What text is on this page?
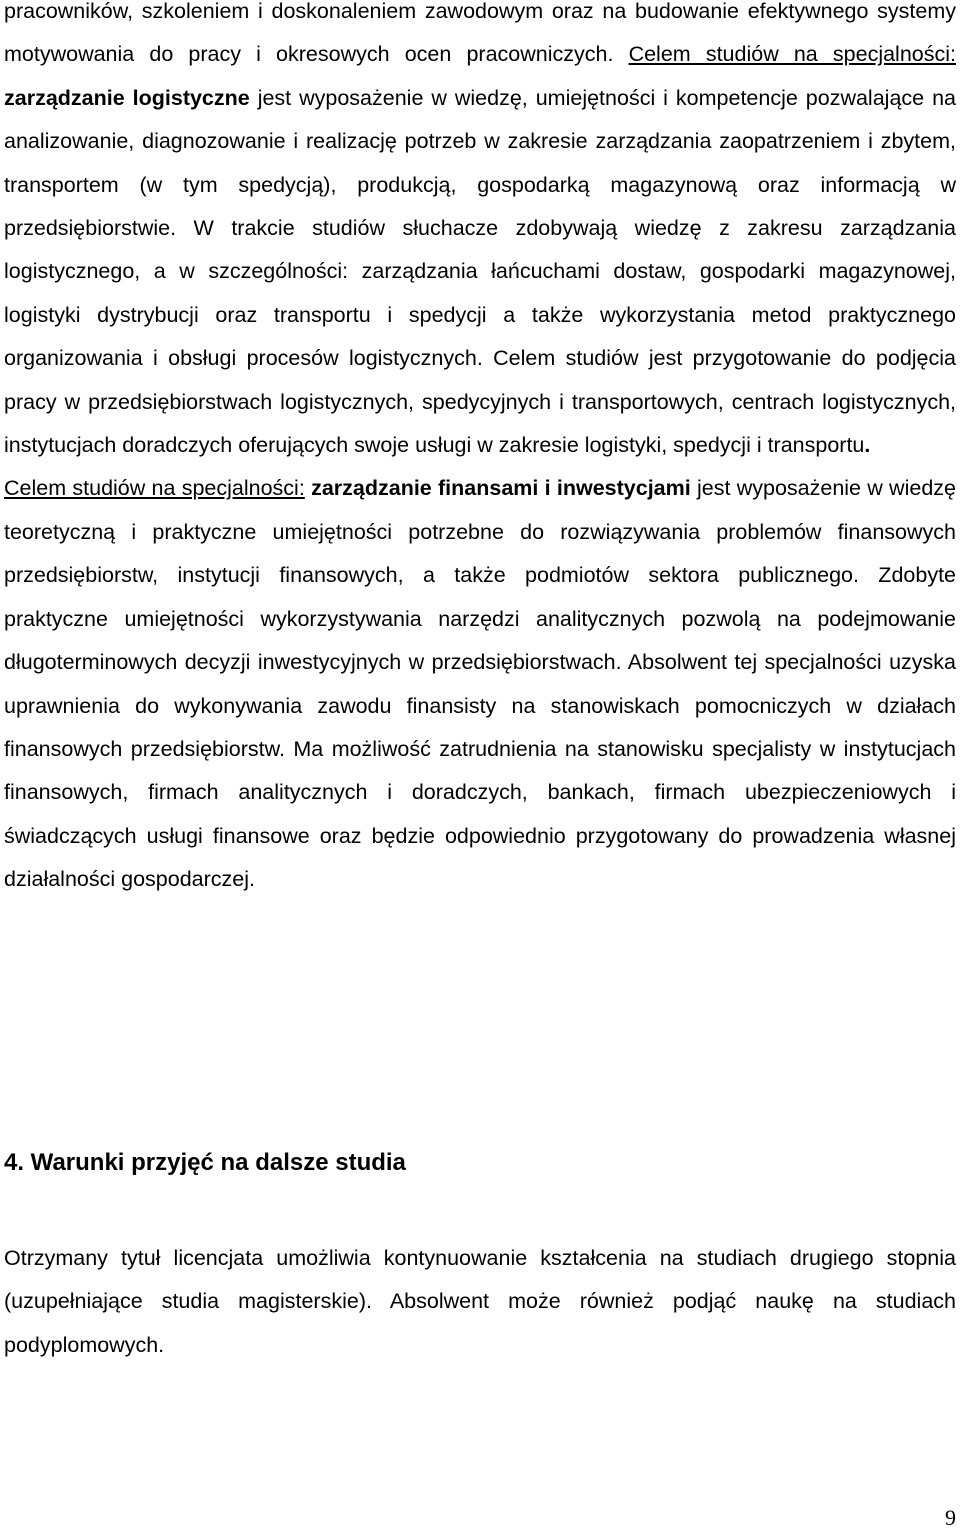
pracowników, szkoleniem i doskonaleniem zawodowym oraz na budowanie efektywnego systemy motywowania do pracy i okresowych ocen pracowniczych. Celem studiów na specjalności: zarządzanie logistyczne jest wyposażenie w wiedzę, umiejętności i kompetencje pozwalające na analizowanie, diagnozowanie i realizację potrzeb w zakresie zarządzania zaopatrzeniem i zbytem, transportem (w tym spedycją), produkcją, gospodarką magazynową oraz informacją w przedsiębiorstwie. W trakcie studiów słuchacze zdobywają wiedzę z zakresu zarządzania logistycznego, a w szczególności: zarządzania łańcuchami dostaw, gospodarki magazynowej, logistyki dystrybucji oraz transportu i spedycji a także wykorzystania metod praktycznego organizowania i obsługi procesów logistycznych. Celem studiów jest przygotowanie do podjęcia pracy w przedsiębiorstwach logistycznych, spedycyjnych i transportowych, centrach logistycznych, instytucjach doradczych oferujących swoje usługi w zakresie logistyki, spedycji i transportu.

Celem studiów na specjalności: zarządzanie finansami i inwestycjami jest wyposażenie w wiedzę teoretyczną i praktyczne umiejętności potrzebne do rozwiązywania problemów finansowych przedsiębiorstw, instytucji finansowych, a także podmiotów sektora publicznego. Zdobyte praktyczne umiejętności wykorzystywania narzędzi analitycznych pozwolą na podejmowanie długoterminowych decyzji inwestycyjnych w przedsiębiorstwach. Absolwent tej specjalności uzyska uprawnienia do wykonywania zawodu finansisty na stanowiskach pomocniczych w działach finansowych przedsiębiorstw. Ma możliwość zatrudnienia na stanowisku specjalisty w instytucjach finansowych, firmach analitycznych i doradczych, bankach, firmach ubezpieczeniowych i świadczących usługi finansowe oraz będzie odpowiednio przygotowany do prowadzenia własnej działalności gospodarczej.

4. Warunki przyjęć na dalsze studia

Otrzymany tytuł licencjata umożliwia kontynuowanie kształcenia na studiach drugiego stopnia (uzupełniające studia magisterskie). Absolwent może również podjąć naukę na studiach podyplomowych.

9
